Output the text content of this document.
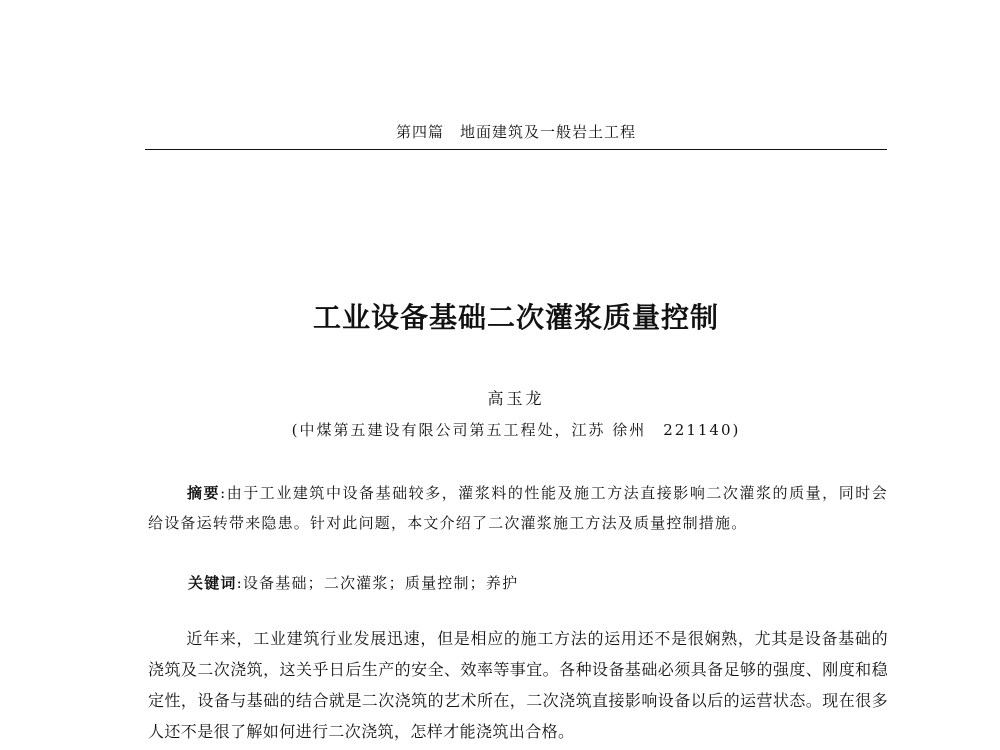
第四篇　地面建筑及一般岩土工程
工业设备基础二次灌浆质量控制
高玉龙
(中煤第五建设有限公司第五工程处，江苏 徐州　221140)
摘要:由于工业建筑中设备基础较多，灌浆料的性能及施工方法直接影响二次灌浆的质量，同时会给设备运转带来隐患。针对此问题，本文介绍了二次灌浆施工方法及质量控制措施。
关键词:设备基础；二次灌浆；质量控制；养护
近年来，工业建筑行业发展迅速，但是相应的施工方法的运用还不是很娴熟，尤其是设备基础的浇筑及二次浇筑，这关乎日后生产的安全、效率等事宜。各种设备基础必须具备足够的强度、刚度和稳定性，设备与基础的结合就是二次浇筑的艺术所在，二次浇筑直接影响设备以后的运营状态。现在很多人还不是很了解如何进行二次浇筑，怎样才能浇筑出合格。
